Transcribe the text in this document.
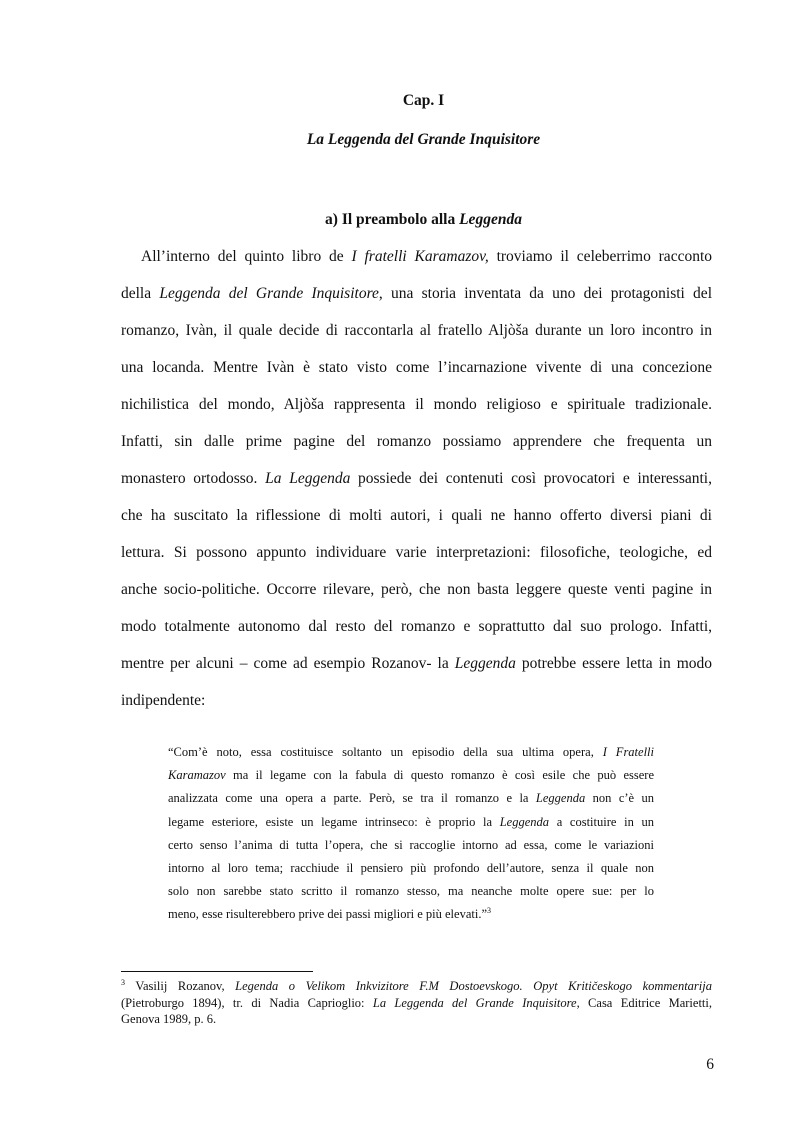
Cap. I
La Leggenda del Grande Inquisitore
a) Il preambolo alla Leggenda
All’interno del quinto libro de I fratelli Karamazov, troviamo il celeberrimo racconto
della Leggenda del Grande Inquisitore, una storia inventata da uno dei protagonisti del
romanzo, Ivàn, il quale decide di raccontarla al fratello Aljòša durante un loro incontro in
una locanda. Mentre Ivàn è stato visto come l’incarnazione vivente di una concezione
nichilistica del mondo, Aljòša rappresenta il mondo religioso e spirituale tradizionale.
Infatti, sin dalle prime pagine del romanzo possiamo apprendere che frequenta un
monastero ortodosso. La Leggenda possiede dei contenuti così provocatori e interessanti,
che ha suscitato la riflessione di molti autori, i quali ne hanno offerto diversi piani di
lettura. Si possono appunto individuare varie interpretazioni: filosofiche, teologiche, ed
anche socio-politiche. Occorre rilevare, però, che non basta leggere queste venti pagine in
modo totalmente autonomo dal resto del romanzo e soprattutto dal suo prologo. Infatti,
mentre per alcuni – come ad esempio Rozanov- la Leggenda potrebbe essere letta in modo
indipendente:
“Com’è noto, essa costituisce soltanto un episodio della sua ultima opera, I Fratelli
Karamazov ma il legame con la fabula di questo romanzo è così esile che può essere
analizzata come una opera a parte. Però, se tra il romanzo e la Leggenda non c’è un
legame esteriore, esiste un legame intrinseco: è proprio la Leggenda a costituire in un
certo senso l’anima di tutta l’opera, che si raccoglie intorno ad essa, come le variazioni
intorno al loro tema; racchiude il pensiero più profondo dell’autore, senza il quale non
solo non sarebbe stato scritto il romanzo stesso, ma neanche molte opere sue: per lo
meno, esse risulterebbero prive dei passi migliori e più elevati.”$^3$
$^3$ Vasilij Rozanov, Legenda o Velikom Inkvizitore F.M Dostoevskogo. Opyt Kritičeskogo kommentarija
(Pietroburgo 1894), tr. di Nadia Caprioglio: La Leggenda del Grande Inquisitore, Casa Editrice Marietti,
Genova 1989, p. 6.
6
